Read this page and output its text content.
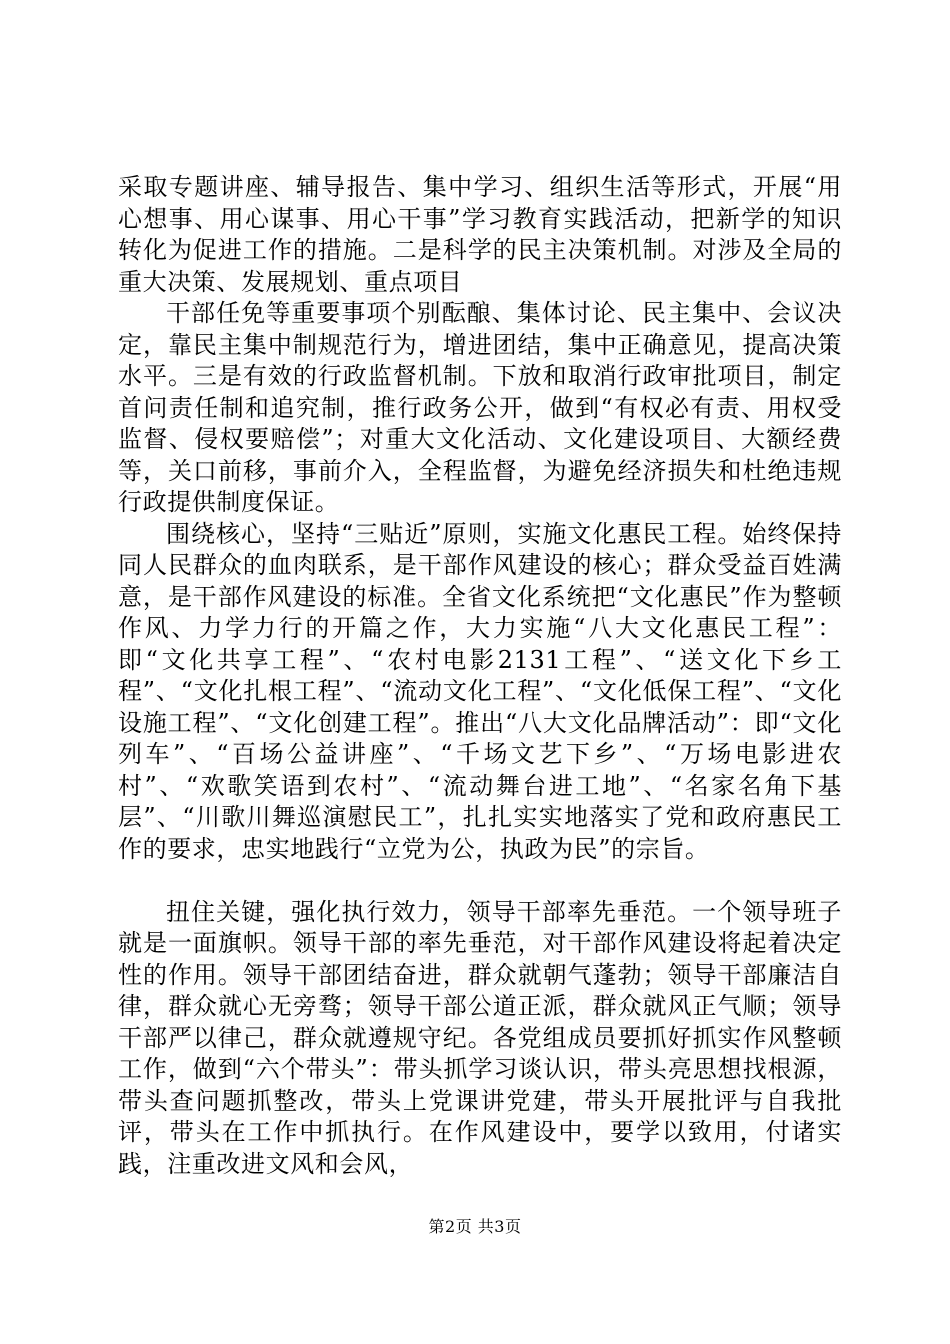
采取专题讲座、辅导报告、集中学习、组织生活等形式，开展“用心想事、用心谋事、用心干事”学习教育实践活动，把新学的知识转化为促进工作的措施。二是科学的民主决策机制。对涉及全局的重大决策、发展规划、重点项目

干部任免等重要事项个别酝酿、集体讨论、民主集中、会议决定，靠民主集中制规范行为，增进团结，集中正确意见，提高决策水平。三是有效的行政监督机制。下放和取消行政审批项目，制定首问责任制和追究制，推行政务公开，做到“有权必有责、用权受监督、侵权要赔偿”；对重大文化活动、文化建设项目、大额经费等，关口前移，事前介入，全程监督，为避免经济损失和杜绝违规行政提供制度保证。

围绕核心，坚持“三贴近”原则，实施文化惠民工程。始终保持同人民群众的血肉联系，是干部作风建设的核心；群众受益百姓满意，是干部作风建设的标准。全省文化系统把“文化惠民”作为整顿作风、力学力行的开篇之作，大力实施“八大文化惠民工程”：即“文化共享工程”、“农村电影2131工程”、“送文化下乡工程”、“文化扎根工程”、“流动文化工程”、“文化低保工程”、“文化设施工程”、“文化创建工程”。推出“八大文化品牌活动”：即“文化列车”、“百场公益讲座”、“千场文艺下乡”、“万场电影进农村”、“欢歌笑语到农村”、“流动舞台进工地”、“名家名角下基层”、“川歌川舞巡演慰民工”，扎扎实实地落实了党和政府惠民工作的要求，忠实地践行“立党为公，执政为民”的宗旨。

扭住关键，强化执行效力，领导干部率先垂范。一个领导班子就是一面旗帜。领导干部的率先垂范，对干部作风建设将起着决定性的作用。领导干部团结奋进，群众就朝气蓬勃；领导干部廉洁自律，群众就心无旁骛；领导干部公道正派，群众就风正气顺；领导干部严以律己，群众就遵规守纪。各党组成员要抓好抓实作风整顿工作，做到“六个带头”：带头抓学习谈认识，带头亮思想找根源，带头查问题抓整改，带头上党课讲党建，带头开展批评与自我批评，带头在工作中抓执行。在作风建设中，要学以致用，付诸实践，注重改进文风和会风，

第2页 共3页
